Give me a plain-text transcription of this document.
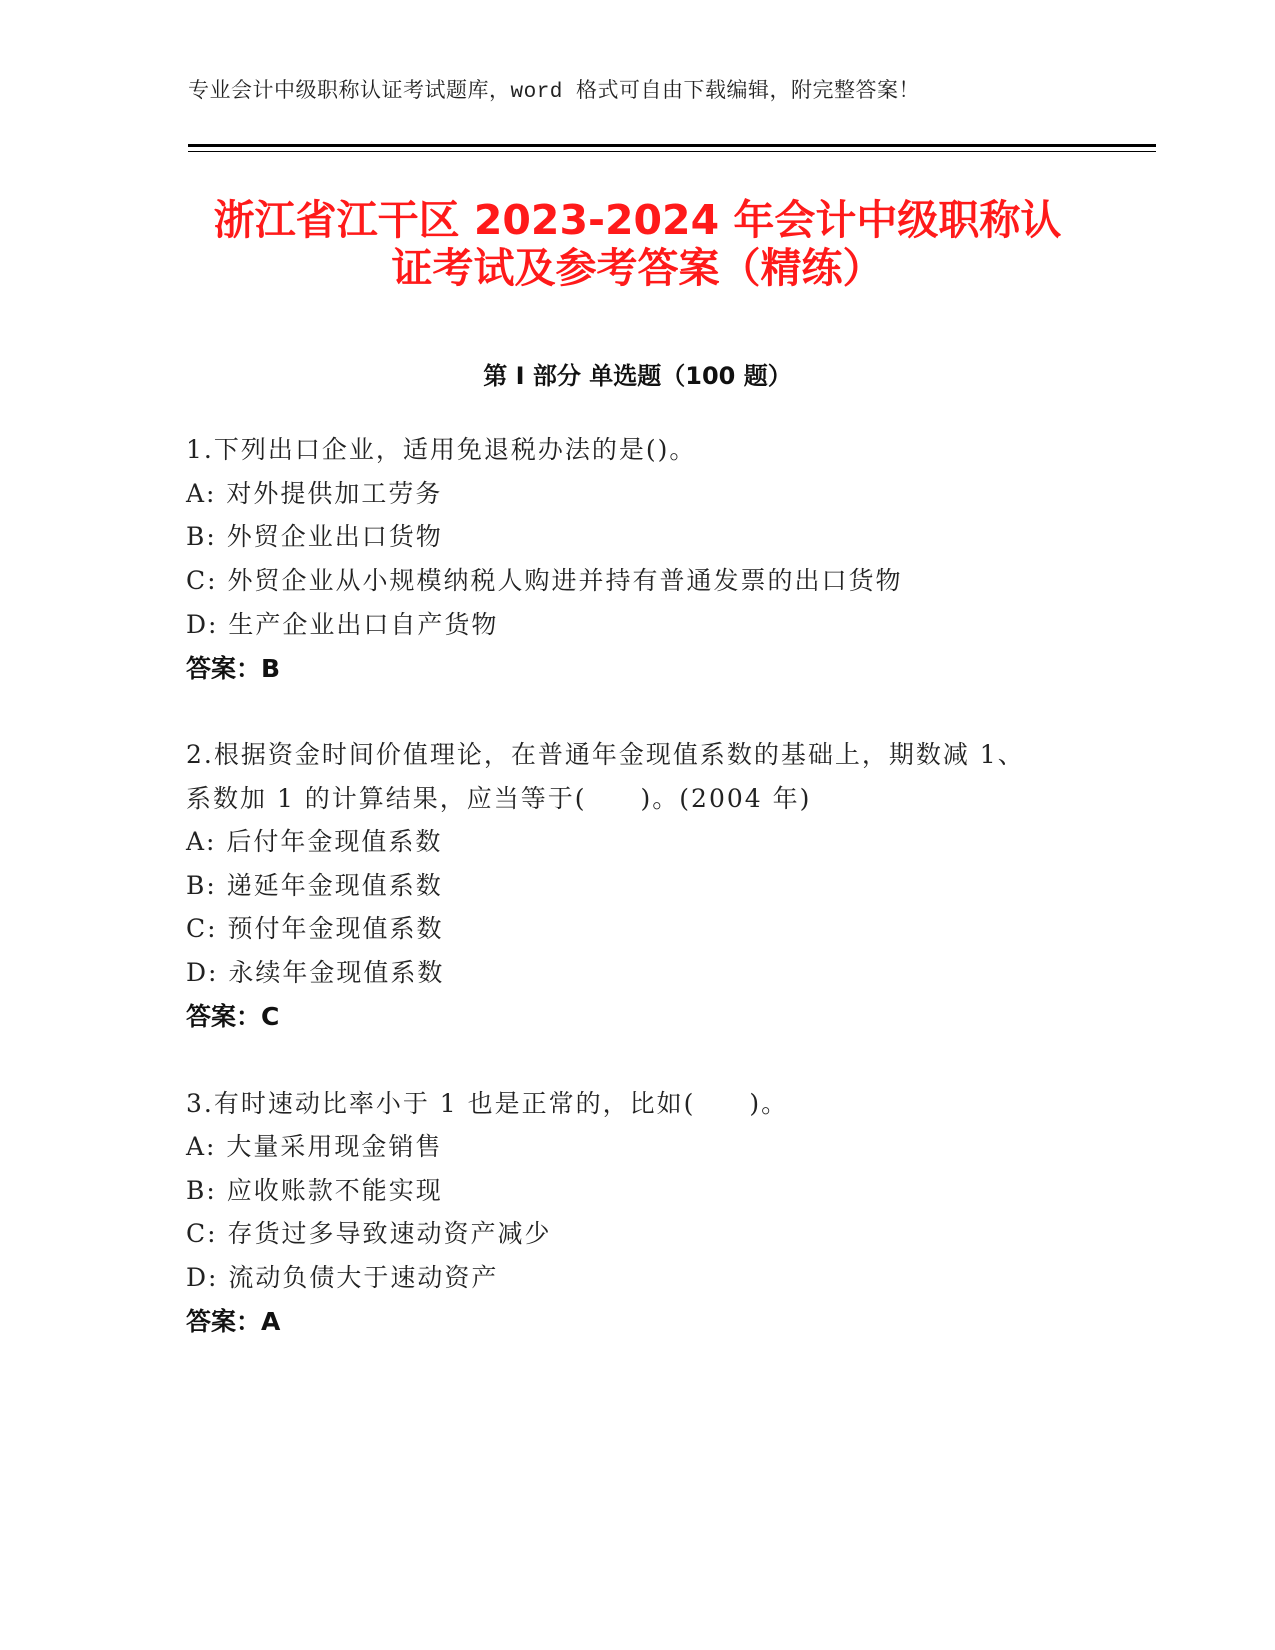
专业会计中级职称认证考试题库，word 格式可自由下载编辑，附完整答案！
浙江省江干区 2023-2024 年会计中级职称认
证考试及参考答案（精练）
第 I 部分 单选题（100 题）
1.下列出口企业，适用免退税办法的是()。
A: 对外提供加工劳务
B: 外贸企业出口货物
C: 外贸企业从小规模纳税人购进并持有普通发票的出口货物
D: 生产企业出口自产货物
答案：B
2.根据资金时间价值理论，在普通年金现值系数的基础上，期数减 1、
系数加 1 的计算结果，应当等于(　　)。(2004 年)
A: 后付年金现值系数
B: 递延年金现值系数
C: 预付年金现值系数
D: 永续年金现值系数
答案：C
3.有时速动比率小于 1 也是正常的，比如(　　)。
A: 大量采用现金销售
B: 应收账款不能实现
C: 存货过多导致速动资产减少
D: 流动负债大于速动资产
答案：A
